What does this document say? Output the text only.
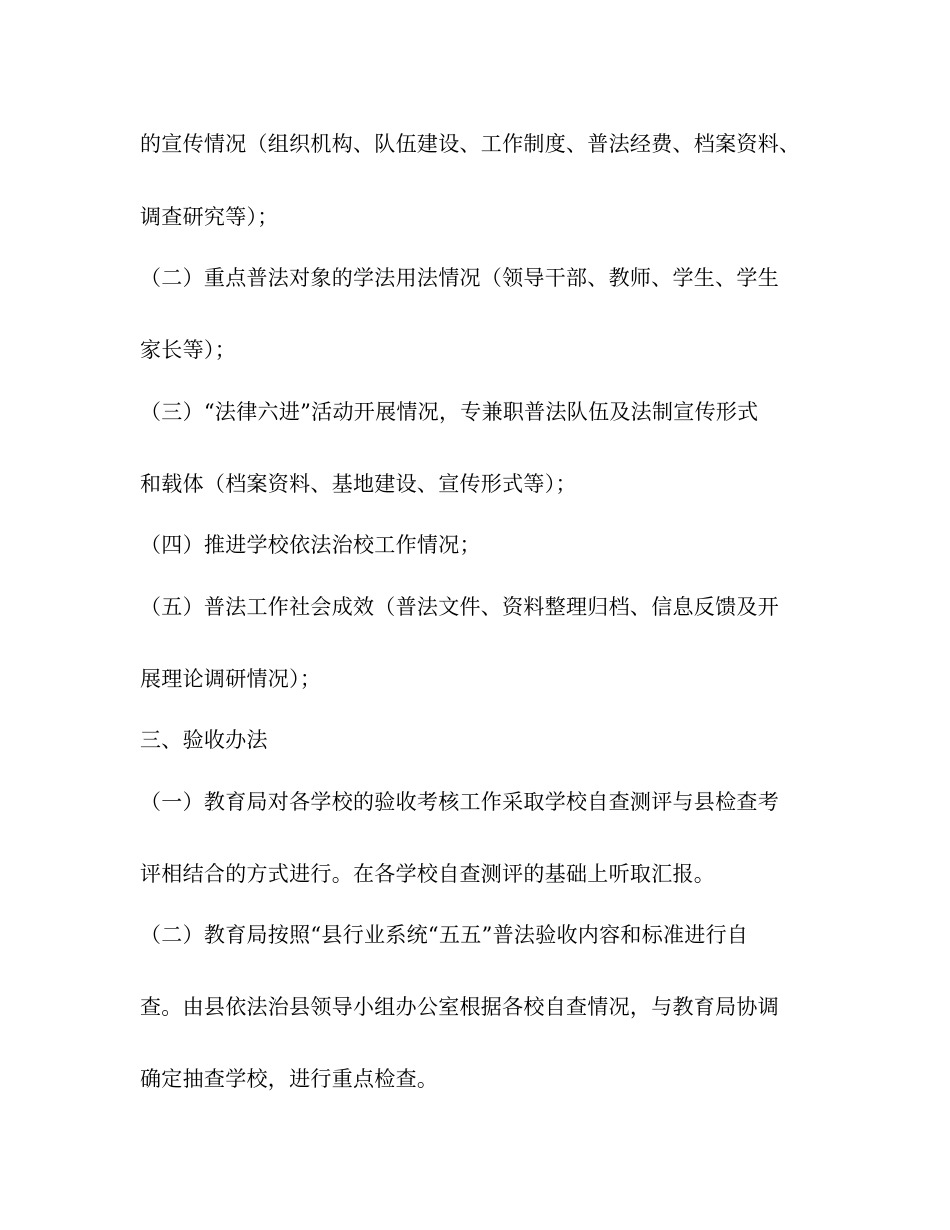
的宣传情况（组织机构、队伍建设、工作制度、普法经费、档案资料、
调查研究等）；
（二）重点普法对象的学法用法情况（领导干部、教师、学生、学生
家长等）；
（三）“法律六进”活动开展情况，专兼职普法队伍及法制宣传形式
和载体（档案资料、基地建设、宣传形式等）；
（四）推进学校依法治校工作情况；
（五）普法工作社会成效（普法文件、资料整理归档、信息反馈及开
展理论调研情况）；
三、验收办法
（一）教育局对各学校的验收考核工作采取学校自查测评与县检查考
评相结合的方式进行。在各学校自查测评的基础上听取汇报。
（二）教育局按照“县行业系统“五五”普法验收内容和标准进行自
查。由县依法治县领导小组办公室根据各校自查情况，与教育局协调
确定抽查学校，进行重点检查。
